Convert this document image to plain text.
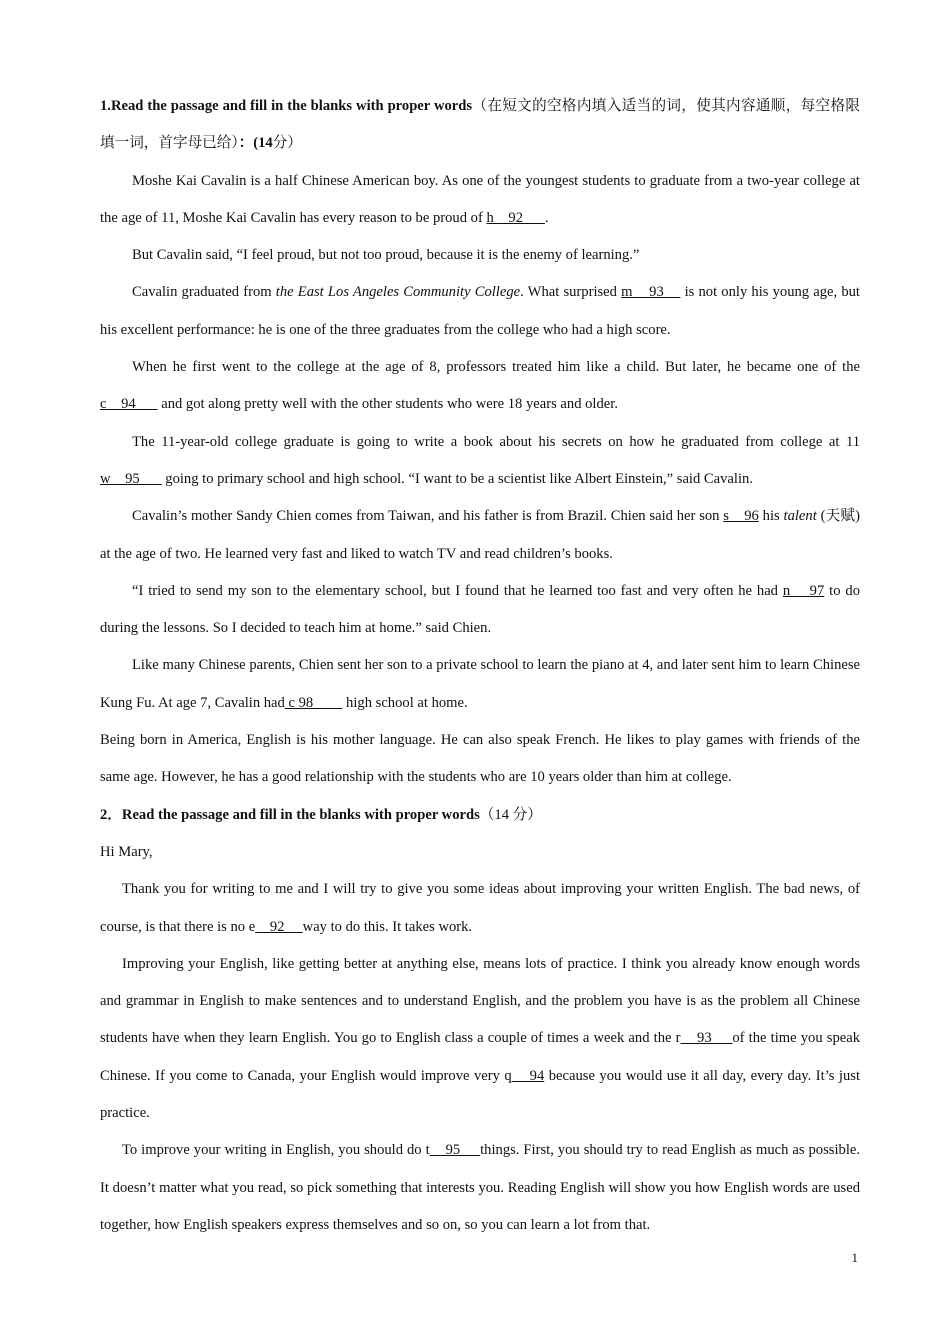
1.Read the passage and fill in the blanks with proper words（在短文的空格内填入适当的词，使其内容通顺，每空格限填一词，首字母已给）：(14分）

Moshe Kai Cavalin is a half Chinese American boy. As one of the youngest students to graduate from a two-year college at the age of 11, Moshe Kai Cavalin has every reason to be proud of h    92      .

But Cavalin said, “I feel proud, but not too proud, because it is the enemy of learning.”

Cavalin graduated from the East Los Angeles Community College. What surprised m    93     is not only his young age, but his excellent performance: he is one of the three graduates from the college who had a high score.

When he first went to the college at the age of 8, professors treated him like a child. But later, he became one of the c    94       and got along pretty well with the other students who were 18 years and older.

The 11-year-old college graduate is going to write a book about his secrets on how he graduated from college at 11 w    95       going to primary school and high school. “I want to be a scientist like Albert Einstein,” said Cavalin.

Cavalin’s mother Sandy Chien comes from Taiwan, and his father is from Brazil. Chien said her son s    96 his talent (天赋) at the age of two. He learned very fast and liked to watch TV and read children’s books.

“I tried to send my son to the elementary school, but I found that he learned too fast and very often he had n    97 to do during the lessons. So I decided to teach him at home.” said Chien.

Like many Chinese parents, Chien sent her son to a private school to learn the piano at 4, and later sent him to learn Chinese Kung Fu. At age 7, Cavalin had c 98         high school at home.

Being born in America, English is his mother language. He can also speak French. He likes to play games with friends of the same age. However, he has a good relationship with the students who are 10 years older than him at college.

2．Read the passage and fill in the blanks with proper words（14 分）

Hi Mary,

Thank you for writing to me and I will try to give you some ideas about improving your written English. The bad news, of course, is that there is no e    92     way to do this. It takes work.

Improving your English, like getting better at anything else, means lots of practice. I think you already know enough words and grammar in English to make sentences and to understand English, and the problem you have is as the problem all Chinese students have when they learn English. You go to English class a couple of times a week and the r    93     of the time you speak Chinese. If you come to Canada, your English would improve very q    94 because you would use it all day, every day. It’s just practice.

To improve your writing in English, you should do t    95     things. First, you should try to read English as much as possible. It doesn’t matter what you read, so pick something that interests you. Reading English will show you how English words are used together, how English speakers express themselves and so on, so you can learn a lot from that.

1
